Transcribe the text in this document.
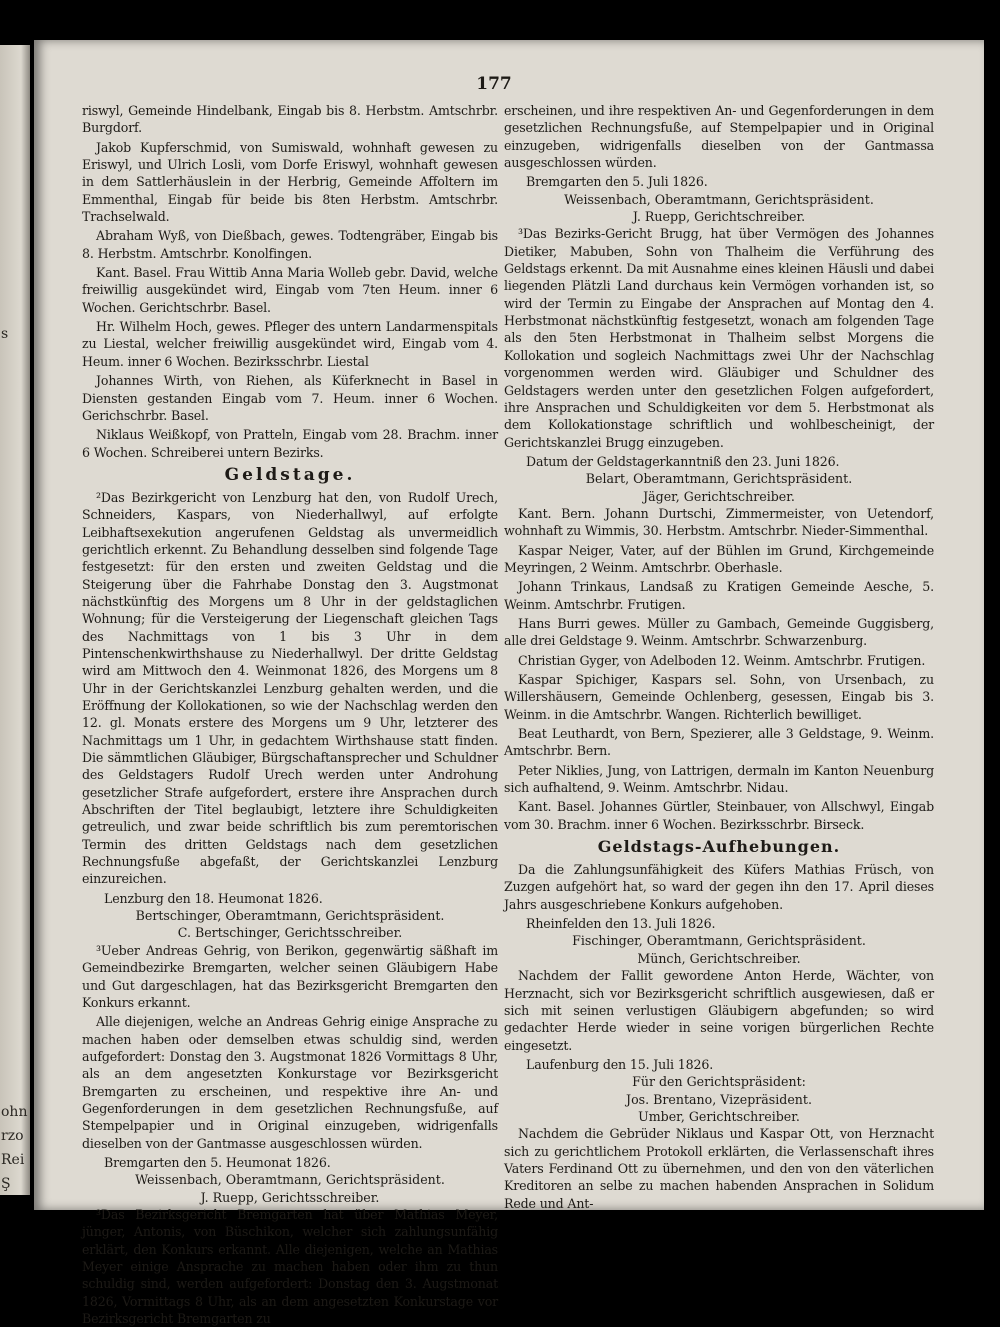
s
ohn
rzo
Rei
Ş
177

riswyl, Gemeinde Hindelbank, Eingab bis 8. Herbstm. Amtschrbr. Burgdorf.

Jakob Kupferschmid, von Sumiswald, wohnhaft gewesen zu Eriswyl, und Ulrich Losli, vom Dorfe Eriswyl, wohnhaft gewesen in dem Sattlerhäuslein in der Herbrig, Gemeinde Affoltern im Emmenthal, Eingab für beide bis 8ten Herbstm. Amtschrbr. Trachselwald.

Abraham Wyß, von Dießbach, gewes. Todtengräber, Eingab bis 8. Herbstm. Amtschrbr. Konolfingen.

Kant. Basel. Frau Wittib Anna Maria Wolleb gebr. David, welche freiwillig ausgekündet wird, Eingab vom 7ten Heum. inner 6 Wochen. Gerichtschrbr. Basel.

Hr. Wilhelm Hoch, gewes. Pfleger des untern Landarmenspitals zu Liestal, welcher freiwillig ausgekündet wird, Eingab vom 4. Heum. inner 6 Wochen. Bezirksschrbr. Liestal

Johannes Wirth, von Riehen, als Küferknecht in Basel in Diensten gestanden Eingab vom 7. Heum. inner 6 Wochen. Gerichschrbr. Basel.

Niklaus Weißkopf, von Pratteln, Eingab vom 28. Brachm. inner 6 Wochen. Schreiberei untern Bezirks.

Geldstage.

²Das Bezirkgericht von Lenzburg hat den, von Rudolf Urech, Schneiders, Kaspars, von Niederhallwyl, auf erfolgte Leibhaftsexekution angerufenen Geldstag als unvermeidlich gerichtlich erkennt. Zu Behandlung desselben sind folgende Tage festgesetzt: für den ersten und zweiten Geldstag und die Steigerung über die Fahrhabe Donstag den 3. Augstmonat nächstkünftig des Morgens um 8 Uhr in der geldstaglichen Wohnung; für die Versteigerung der Liegenschaft gleichen Tags des Nachmittags von 1 bis 3 Uhr in dem Pintenschenkwirthshause zu Niederhallwyl. Der dritte Geldstag wird am Mittwoch den 4. Weinmonat 1826, des Morgens um 8 Uhr in der Gerichtskanzlei Lenzburg gehalten werden, und die Eröffnung der Kollokationen, so wie der Nachschlag werden den 12. gl. Monats erstere des Morgens um 9 Uhr, letzterer des Nachmittags um 1 Uhr, in gedachtem Wirthshause statt finden. Die sämmtlichen Gläubiger, Bürgschaftansprecher und Schuldner des Geldstagers Rudolf Urech werden unter Androhung gesetzlicher Strafe aufgefordert, erstere ihre Ansprachen durch Abschriften der Titel beglaubigt, letztere ihre Schuldigkeiten getreulich, und zwar beide schriftlich bis zum peremtorischen Termin des dritten Geldstags nach dem gesetzlichen Rechnungsfuße abgefaßt, der Gerichtskanzlei Lenzburg einzureichen.

Lenzburg den 18. Heumonat 1826.

Bertschinger, Oberamtmann, Gerichtspräsident.

C. Bertschinger, Gerichtsschreiber.

³Ueber Andreas Gehrig, von Berikon, gegenwärtig säßhaft im Gemeindbezirke Bremgarten, welcher seinen Gläubigern Habe und Gut dargeschlagen, hat das Bezirksgericht Bremgarten den Konkurs erkannt.

Alle diejenigen, welche an Andreas Gehrig einige Ansprache zu machen haben oder demselben etwas schuldig sind, werden aufgefordert: Donstag den 3. Augstmonat 1826 Vormittags 8 Uhr, als an dem angesetzten Konkurstage vor Bezirksgericht Bremgarten zu erscheinen, und respektive ihre An- und Gegenforderungen in dem gesetzlichen Rechnungsfuße, auf Stempelpapier und in Original einzugeben, widrigenfalls dieselben von der Gantmasse ausgeschlossen würden.

Bremgarten den 5. Heumonat 1826.

Weissenbach, Oberamtmann, Gerichtspräsident.

J. Ruepp, Gerichtsschreiber.

³Das Bezirksgericht Bremgarten hat über Mathias Meyer, jünger, Antonis, von Büschikon, welcher sich zahlungsunfähig erklärt, den Konkurs erkannt. Alle diejenigen, welche an Mathias Meyer einige Ansprache zu machen haben oder ihm zu thun schuldig sind, werden aufgefordert: Donstag den 3. Augstmonat 1826, Vormittags 8 Uhr, als an dem angesetzten Konkurstage vor Bezirksgericht Bremgarten zu

erscheinen, und ihre respektiven An- und Gegenforderungen in dem gesetzlichen Rechnungsfuße, auf Stempelpapier und in Original einzugeben, widrigenfalls dieselben von der Gantmassa ausgeschlossen würden.

Bremgarten den 5. Juli 1826.

Weissenbach, Oberamtmann, Gerichtspräsident.

J. Ruepp, Gerichtschreiber.

³Das Bezirks-Gericht Brugg, hat über Vermögen des Johannes Dietiker, Mabuben, Sohn von Thalheim die Verführung des Geldstags erkennt. Da mit Ausnahme eines kleinen Häusli und dabei liegenden Plätzli Land durchaus kein Vermögen vorhanden ist, so wird der Termin zu Eingabe der Ansprachen auf Montag den 4. Herbstmonat nächstkünftig festgesetzt, wonach am folgenden Tage als den 5ten Herbstmonat in Thalheim selbst Morgens die Kollokation und sogleich Nachmittags zwei Uhr der Nachschlag vorgenommen werden wird. Gläubiger und Schuldner des Geldstagers werden unter den gesetzlichen Folgen aufgefordert, ihre Ansprachen und Schuldigkeiten vor dem 5. Herbstmonat als dem Kollokationstage schriftlich und wohlbescheinigt, der Gerichtskanzlei Brugg einzugeben.

Datum der Geldstagerkanntniß den 23. Juni 1826.

Belart, Oberamtmann, Gerichtspräsident.

Jäger, Gerichtschreiber.

Kant. Bern. Johann Durtschi, Zimmermeister, von Uetendorf, wohnhaft zu Wimmis, 30. Herbstm. Amtschrbr. Nieder-Simmenthal.

Kaspar Neiger, Vater, auf der Bühlen im Grund, Kirchgemeinde Meyringen, 2 Weinm. Amtschrbr. Oberhasle.

Johann Trinkaus, Landsaß zu Kratigen Gemeinde Aesche, 5. Weinm. Amtschrbr. Frutigen.

Hans Burri gewes. Müller zu Gambach, Gemeinde Guggisberg, alle drei Geldstage 9. Weinm. Amtschrbr. Schwarzenburg.

Christian Gyger, von Adelboden 12. Weinm. Amtschrbr. Frutigen.

Kaspar Spichiger, Kaspars sel. Sohn, von Ursenbach, zu Willershäusern, Gemeinde Ochlenberg, gesessen, Eingab bis 3. Weinm. in die Amtschrbr. Wangen. Richterlich bewilliget.

Beat Leuthardt, von Bern, Spezierer, alle 3 Geldstage, 9. Weinm. Amtschrbr. Bern.

Peter Niklies, Jung, von Lattrigen, dermaln im Kanton Neuenburg sich aufhaltend, 9. Weinm. Amtschrbr. Nidau.

Kant. Basel. Johannes Gürtler, Steinbauer, von Allschwyl, Eingab vom 30. Brachm. inner 6 Wochen. Bezirksschrbr. Birseck.

Geldstags-Aufhebungen.

Da die Zahlungsunfähigkeit des Küfers Mathias Früsch, von Zuzgen aufgehört hat, so ward der gegen ihn den 17. April dieses Jahrs ausgeschriebene Konkurs aufgehoben.

Rheinfelden den 13. Juli 1826.

Fischinger, Oberamtmann, Gerichtspräsident.

Münch, Gerichtschreiber.

Nachdem der Fallit gewordene Anton Herde, Wächter, von Herznacht, sich vor Bezirksgericht schriftlich ausgewiesen, daß er sich mit seinen verlustigen Gläubigern abgefunden; so wird gedachter Herde wieder in seine vorigen bürgerlichen Rechte eingesetzt.

Laufenburg den 15. Juli 1826.

Für den Gerichtspräsident:

Jos. Brentano, Vizepräsident.

Umber, Gerichtschreiber.

Nachdem die Gebrüder Niklaus und Kaspar Ott, von Herznacht sich zu gerichtlichem Protokoll erklärten, die Verlassenschaft ihres Vaters Ferdinand Ott zu übernehmen, und den von den väterlichen Kreditoren an selbe zu machen habenden Ansprachen in Solidum Rede und Ant-
